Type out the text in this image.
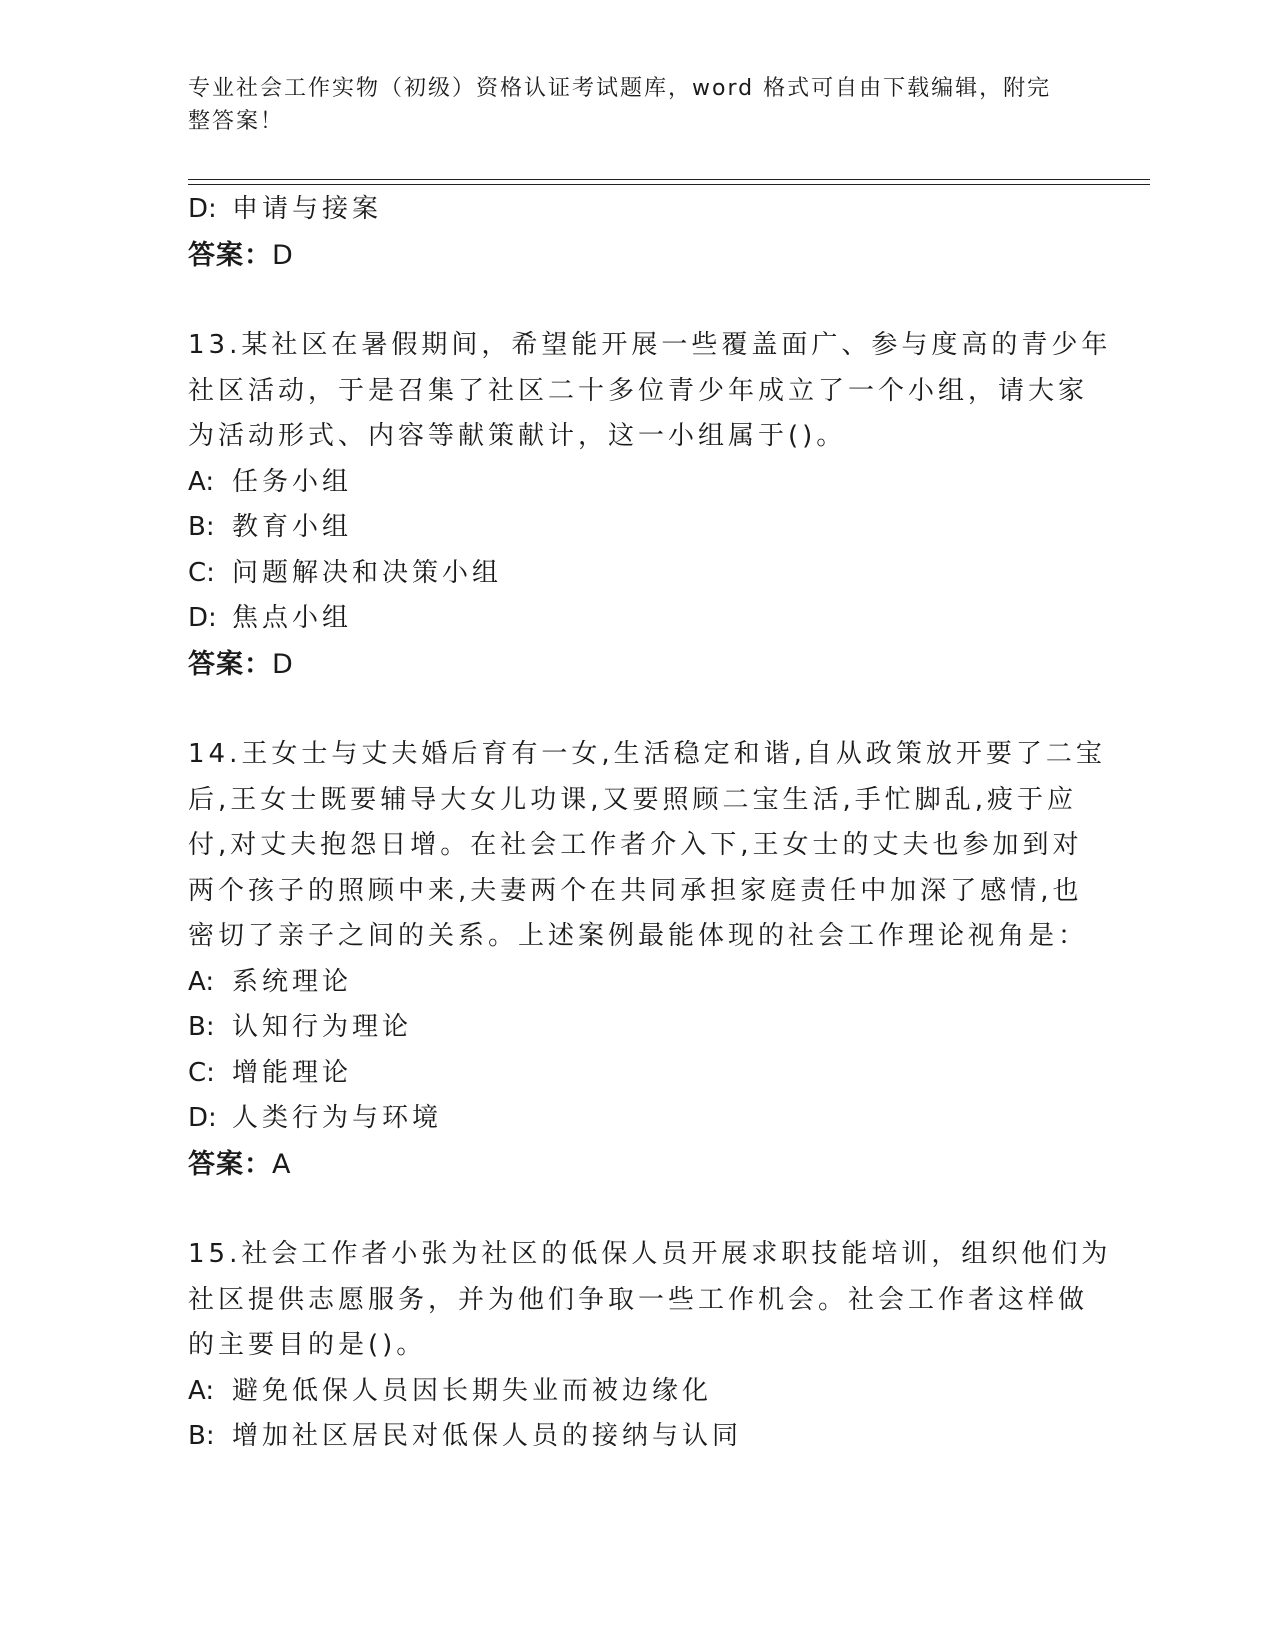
专业社会工作实物（初级）资格认证考试题库，word 格式可自由下载编辑，附完
整答案！
D: 申请与接案
答案：D
13.某社区在暑假期间，希望能开展一些覆盖面广、参与度高的青少年
社区活动，于是召集了社区二十多位青少年成立了一个小组，请大家
为活动形式、内容等献策献计，这一小组属于()。
A: 任务小组
B: 教育小组
C: 问题解决和决策小组
D: 焦点小组
答案：D
14.王女士与丈夫婚后育有一女,生活稳定和谐,自从政策放开要了二宝
后,王女士既要辅导大女儿功课,又要照顾二宝生活,手忙脚乱,疲于应
付,对丈夫抱怨日增。在社会工作者介入下,王女士的丈夫也参加到对
两个孩子的照顾中来,夫妻两个在共同承担家庭责任中加深了感情,也
密切了亲子之间的关系。上述案例最能体现的社会工作理论视角是：
A: 系统理论
B: 认知行为理论
C: 增能理论
D: 人类行为与环境
答案：A
15.社会工作者小张为社区的低保人员开展求职技能培训，组织他们为
社区提供志愿服务，并为他们争取一些工作机会。社会工作者这样做
的主要目的是()。
A: 避免低保人员因长期失业而被边缘化
B: 增加社区居民对低保人员的接纳与认同
